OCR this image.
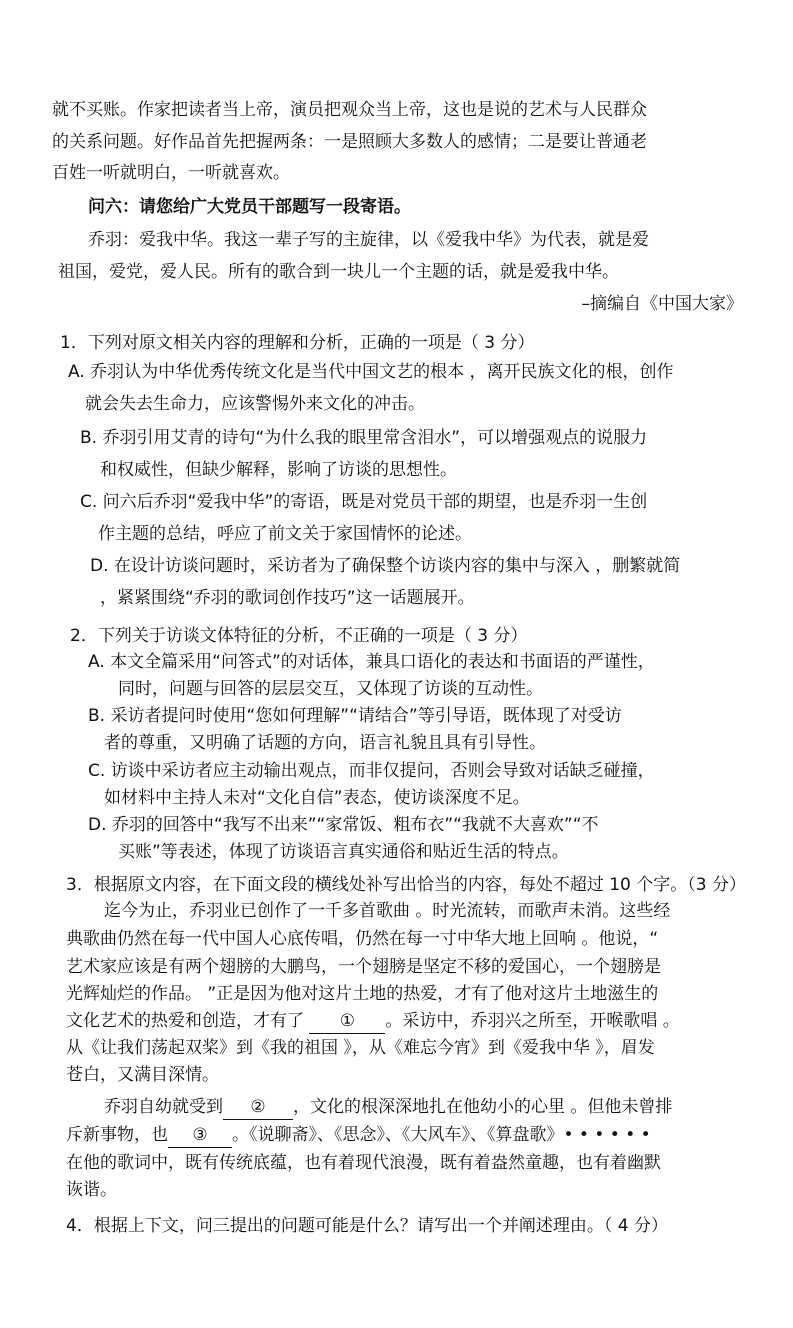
就不买账。作家把读者当上帝，演员把观众当上帝，这也是说的艺术与人民群众
的关系问题。好作品首先把握两条：一是照顾大多数人的感情；二是要让普通老
百姓一听就明白，一听就喜欢。
问六：请您给广大党员干部题写一段寄语。
乔羽：爱我中华。我这一辈子写的主旋律，以《爱我中华》为代表，就是爱
祖国，爱党，爱人民。所有的歌合到一块儿一个主题的话，就是爱我中华。
–摘编自《中国大家》
1．下列对原文相关内容的理解和分析，正确的一项是（ 3 分）
A. 乔羽认为中华优秀传统文化是当代中国文艺的根本 ，离开民族文化的根，创作
就会失去生命力，应该警惕外来文化的冲击。
B. 乔羽引用艾青的诗句“为什么我的眼里常含泪水”，可以增强观点的说服力
和权威性，但缺少解释，影响了访谈的思想性。
C. 问六后乔羽“爱我中华”的寄语，既是对党员干部的期望，也是乔羽一生创
作主题的总结，呼应了前文关于家国情怀的论述。
D. 在设计访谈问题时，采访者为了确保整个访谈内容的集中与深入 ，删繁就简
，紧紧围绕“乔羽的歌词创作技巧”这一话题展开。
2．下列关于访谈文体特征的分析，不正确的一项是（ 3 分）
A. 本文全篇采用“问答式”的对话体，兼具口语化的表达和书面语的严谨性，
同时，问题与回答的层层交互，又体现了访谈的互动性。
B. 采访者提问时使用“您如何理解”“请结合”等引导语，既体现了对受访
者的尊重，又明确了话题的方向，语言礼貌且具有引导性。
C. 访谈中采访者应主动输出观点，而非仅提问，否则会导致对话缺乏碰撞，
如材料中主持人未对“文化自信”表态，使访谈深度不足。
D. 乔羽的回答中“我写不出来”“家常饭、粗布衣”“我就不大喜欢”“不
买账”等表述，体现了访谈语言真实通俗和贴近生活的特点。
3．根据原文内容，在下面文段的横线处补写出恰当的内容，每处不超过 10 个字。（3 分）
迄今为止，乔羽业已创作了一千多首歌曲 。时光流转，而歌声未消。这些经
典歌曲仍然在每一代中国人心底传唱，仍然在每一寸中华大地上回响 。他说，“
艺术家应该是有两个翅膀的大鹏鸟，一个翅膀是坚定不移的爱国心，一个翅膀是
光辉灿烂的作品。 ”正是因为他对这片土地的热爱，才有了他对这片土地滋生的
文化艺术的热爱和创造，才有了 ① 。采访中，乔羽兴之所至，开喉歌唱 。
从《让我们荡起双桨》到《我的祖国 》，从《难忘今宵》到《爱我中华 》，眉发
苍白，又满目深情。
乔羽自幼就受到 ② ，文化的根深深地扎在他幼小的心里 。但他未曾排
斥新事物，也 ③ 。《说聊斋》、《思念》、《大风车》、《算盘歌》• • • • • •
在他的歌词中，既有传统底蕴，也有着现代浪漫，既有着盎然童趣，也有着幽默
诙谐。
4．根据上下文，问三提出的问题可能是什么？请写出一个并阐述理由。（ 4 分）
